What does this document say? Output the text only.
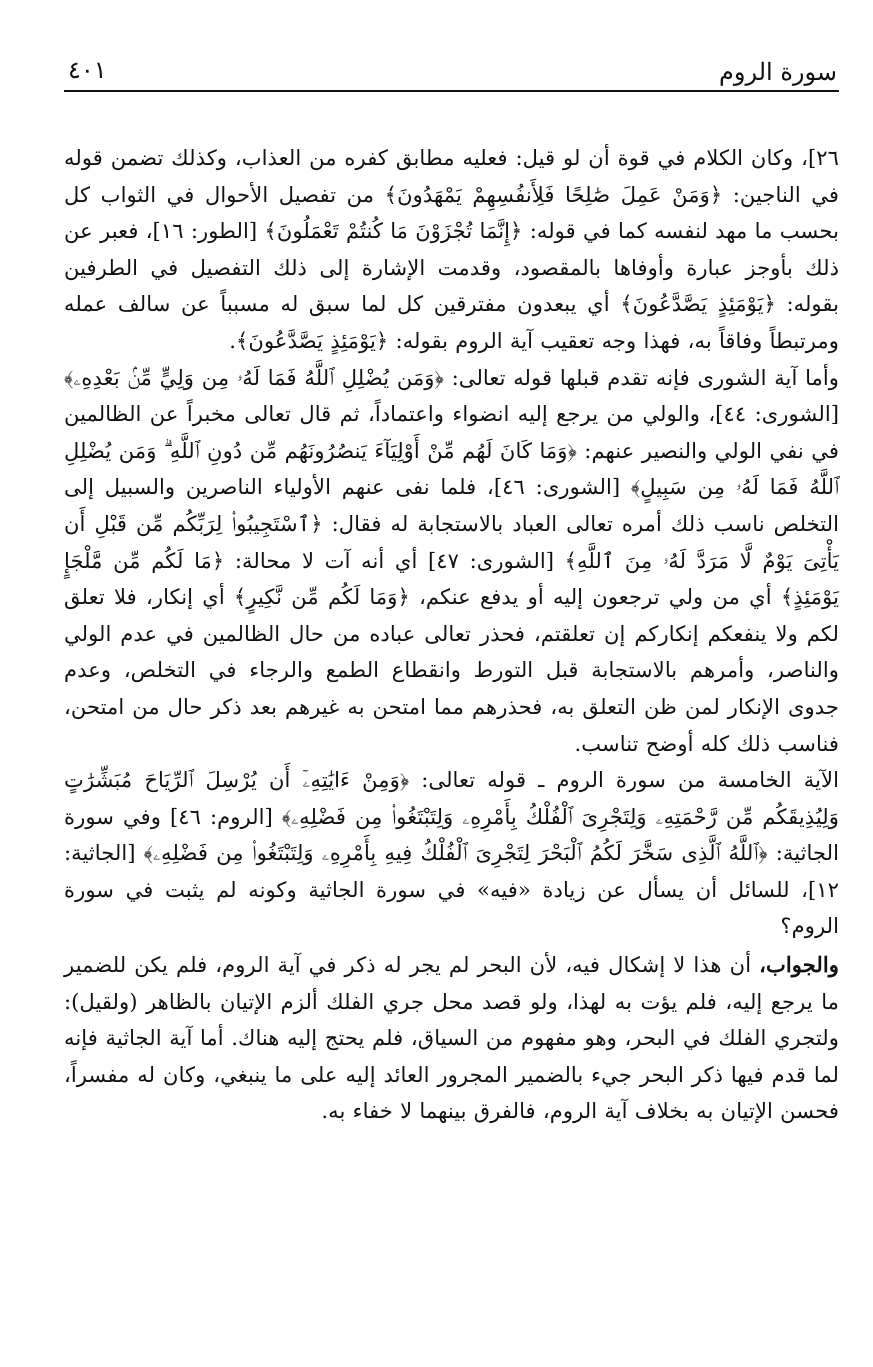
سورة الروم
٤٠١

٢٦]، وكان الكلام في قوة أن لو قيل: فعليه مطابق كفره من العذاب، وكذلك تضمن قوله في الناجين: ﴿وَمَنْ عَمِلَ صَٰلِحًا فَلِأَنفُسِهِمْ يَمْهَدُونَ﴾ من تفصيل الأحوال في الثواب كل بحسب ما مهد لنفسه كما في قوله: ﴿إِنَّمَا تُجْزَوْنَ مَا كُنتُمْ تَعْمَلُونَ﴾ [الطور: ١٦]، فعبر عن ذلك بأوجز عبارة وأوفاها بالمقصود، وقدمت الإشارة إلى ذلك التفصيل في الطرفين بقوله: ﴿يَوْمَئِذٍ يَصَّدَّعُونَ﴾ أي يبعدون مفترقين كل لما سبق له مسبباً عن سالف عمله ومرتبطاً وفاقاً به، فهذا وجه تعقيب آية الروم بقوله: ﴿يَوْمَئِذٍ يَصَّدَّعُونَ﴾.

وأما آية الشورى فإنه تقدم قبلها قوله تعالى: ﴿وَمَن يُضْلِلِ ٱللَّهُ فَمَا لَهُۥ مِن وَلِيٍّ مِّنۢ بَعْدِهِۦ﴾ [الشورى: ٤٤]، والولي من يرجع إليه انضواء واعتماداً، ثم قال تعالى مخبراً عن الظالمين في نفي الولي والنصير عنهم: ﴿وَمَا كَانَ لَهُم مِّنْ أَوْلِيَآءَ يَنصُرُونَهُم مِّن دُونِ ٱللَّهِ ۗ وَمَن يُضْلِلِ ٱللَّهُ فَمَا لَهُۥ مِن سَبِيلٍ﴾ [الشورى: ٤٦]، فلما نفى عنهم الأولياء الناصرين والسبيل إلى التخلص ناسب ذلك أمره تعالى العباد بالاستجابة له فقال: ﴿ٱسْتَجِيبُوا۟ لِرَبِّكُم مِّن قَبْلِ أَن يَأْتِىَ يَوْمٌ لَّا مَرَدَّ لَهُۥ مِنَ ٱللَّهِ﴾ [الشورى: ٤٧] أي أنه آت لا محالة: ﴿مَا لَكُم مِّن مَّلْجَإٍ يَوْمَئِذٍ﴾ أي من ولي ترجعون إليه أو يدفع عنكم، ﴿وَمَا لَكُم مِّن نَّكِيرٍ﴾ أي إنكار، فلا تعلق لكم ولا ينفعكم إنكاركم إن تعلقتم، فحذر تعالى عباده من حال الظالمين في عدم الولي والناصر، وأمرهم بالاستجابة قبل التورط وانقطاع الطمع والرجاء في التخلص، وعدم جدوى الإنكار لمن ظن التعلق به، فحذرهم مما امتحن به غيرهم بعد ذكر حال من امتحن، فناسب ذلك كله أوضح تناسب.

الآية الخامسة من سورة الروم ـ قوله تعالى: ﴿وَمِنْ ءَايَٰتِهِۦٓ أَن يُرْسِلَ ٱلرِّيَاحَ مُبَشِّرَٰتٍ وَلِيُذِيقَكُم مِّن رَّحْمَتِهِۦ وَلِتَجْرِىَ ٱلْفُلْكُ بِأَمْرِهِۦ وَلِتَبْتَغُوا۟ مِن فَضْلِهِۦ﴾ [الروم: ٤٦] وفي سورة الجاثية: ﴿ٱللَّهُ ٱلَّذِى سَخَّرَ لَكُمُ ٱلْبَحْرَ لِتَجْرِىَ ٱلْفُلْكُ فِيهِ بِأَمْرِهِۦ وَلِتَبْتَغُوا۟ مِن فَضْلِهِۦ﴾ [الجاثية: ١٢]، للسائل أن يسأل عن زيادة «فيه» في سورة الجاثية وكونه لم يثبت في سورة الروم؟

والجواب، أن هذا لا إشكال فيه، لأن البحر لم يجر له ذكر في آية الروم، فلم يكن للضمير ما يرجع إليه، فلم يؤت به لهذا، ولو قصد محل جري الفلك ألزم الإتيان بالظاهر (ولقيل): ولتجري الفلك في البحر، وهو مفهوم من السياق، فلم يحتج إليه هناك. أما آية الجاثية فإنه لما قدم فيها ذكر البحر جيء بالضمير المجرور العائد إليه على ما ينبغي، وكان له مفسراً، فحسن الإتيان به بخلاف آية الروم، فالفرق بينهما لا خفاء به.
